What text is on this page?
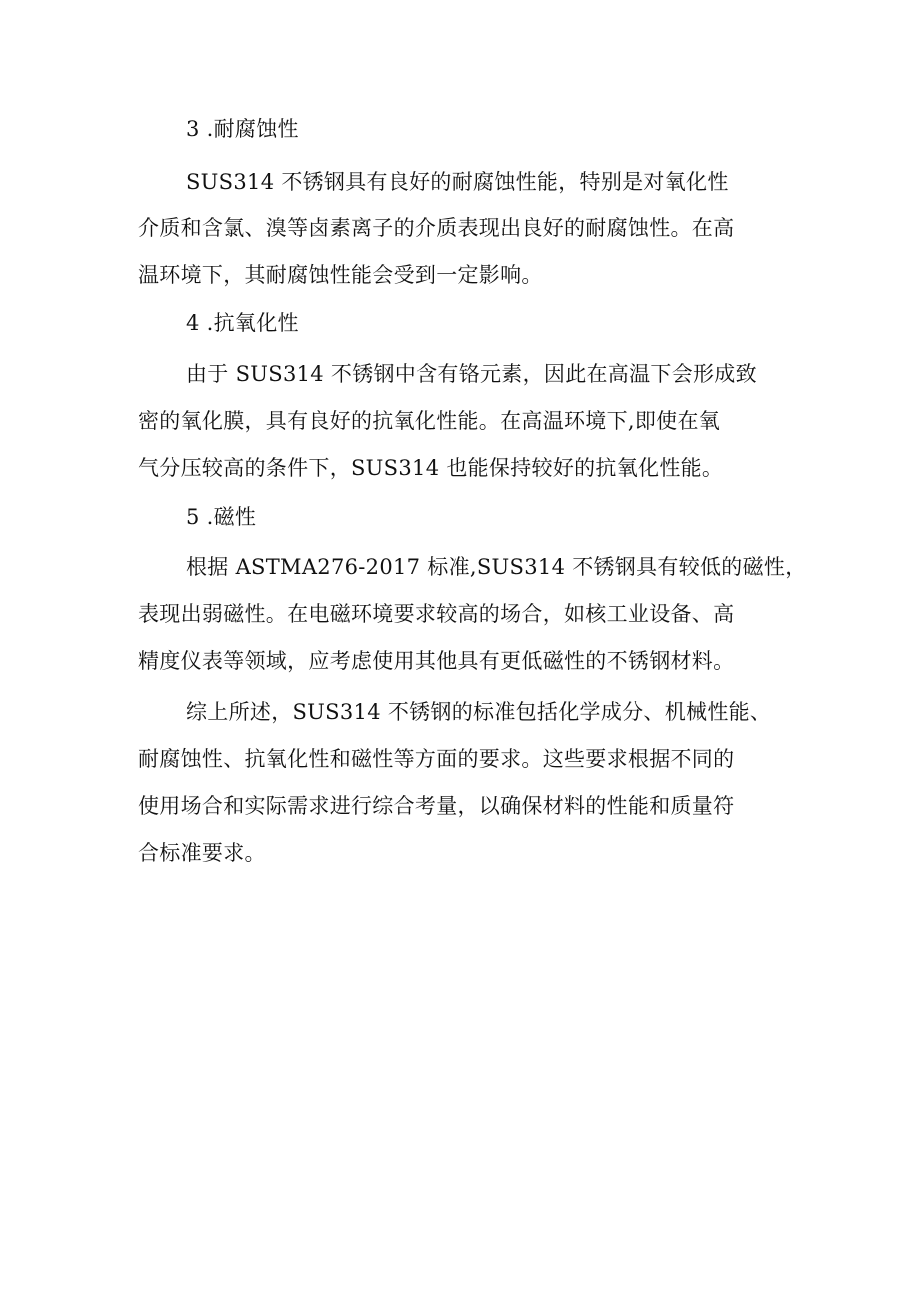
3 .耐腐蚀性
SUS314 不锈钢具有良好的耐腐蚀性能，特别是对氧化性
介质和含氯、溴等卤素离子的介质表现出良好的耐腐蚀性。在高
温环境下，其耐腐蚀性能会受到一定影响。
4 .抗氧化性
由于 SUS314 不锈钢中含有铬元素，因此在高温下会形成致
密的氧化膜，具有良好的抗氧化性能。在高温环境下,即使在氧
气分压较高的条件下，SUS314 也能保持较好的抗氧化性能。
5 .磁性
根据 ASTMA276-2017 标准,SUS314 不锈钢具有较低的磁性，
表现出弱磁性。在电磁环境要求较高的场合，如核工业设备、高
精度仪表等领域，应考虑使用其他具有更低磁性的不锈钢材料。
综上所述，SUS314 不锈钢的标准包括化学成分、机械性能、
耐腐蚀性、抗氧化性和磁性等方面的要求。这些要求根据不同的
使用场合和实际需求进行综合考量，以确保材料的性能和质量符
合标准要求。
